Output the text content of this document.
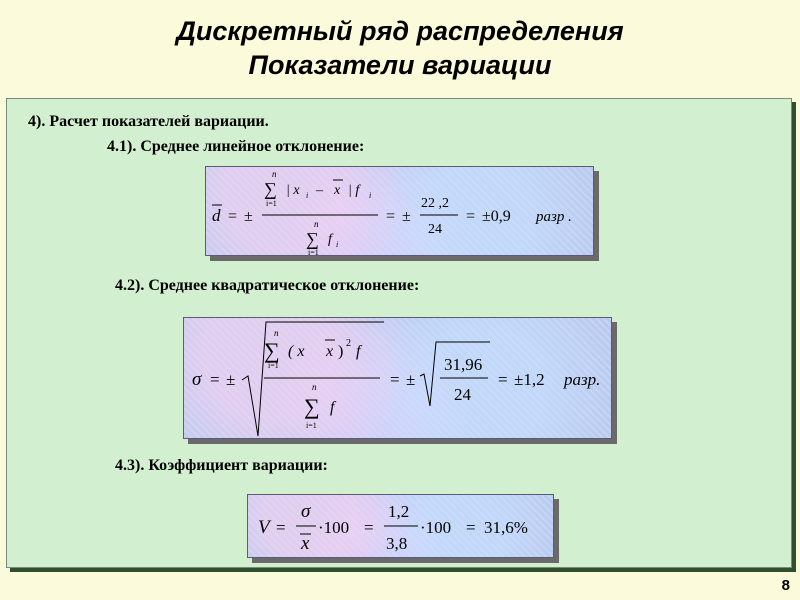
Дискретный ряд распределения
Показатели вариации
4). Расчет показателей вариации.
4.1). Среднее линейное отклонение:
d = ±
n
∑
i=1
| x i – x | f i
n
∑
i=1
f i
= ±
22 ,2
24
= ±0,9 разр .
4.2). Среднее квадратическое отклонение:
σ = ±
n
∑
i=1
( x x ) 2 f
n
∑
i=1
f
= ±
31,96
24
= ±1,2 разр.
4.3). Коэффициент вариации:
V =
σ
x
·100 =
1,2
3,8
·100 = 31,6%
8
